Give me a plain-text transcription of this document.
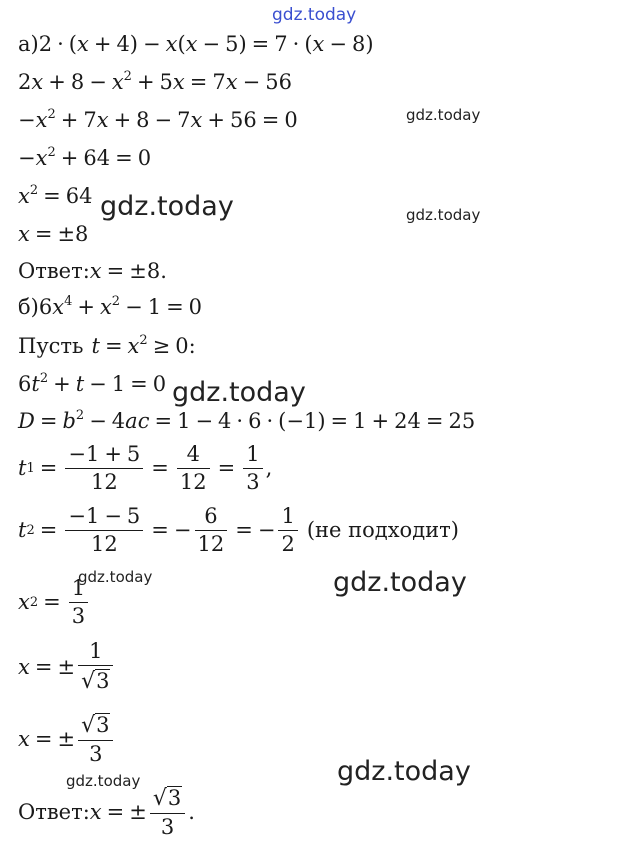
gdz.today
gdz.today
gdz.today	gdz.today
gdz.today
gdz.today	gdz.today
gdz.today	gdz.today
а) 2 · (x + 4) − x(x − 5) = 7 · (x − 8)
$2x + 8 - x^2 + 5x = 7x - 56$
$-x^2 + 7x + 8 - 7x + 56 = 0$
$-x^2 + 64 = 0$
$x^2 = 64$
x = ±8
Ответ: x = ±8.
б) $6x^4 + x^2 - 1 = 0$
Пусть $t = x^2 \ge 0$:
$6t^2 + t - 1 = 0$
$D = b^2 - 4ac = 1 - 4 \cdot 6 \cdot (-1) = 1 + 24 = 25$
t $1 = \frac{-1 + 5}{12} = \frac{4}{12} = \frac{1}{3}$ ,
t $2 = \frac{-1 - 5}{12}$ = − $\frac{6}{12}$ = − $\frac{1}{2} (не$ подходит)
x $2 = \frac{1}{3}$
x = ± $\frac{1}{√ 3}$
x = ± $\frac{√ 3}{3}$
Ответ: x = ± $\frac{√ 3}{3}$ .
